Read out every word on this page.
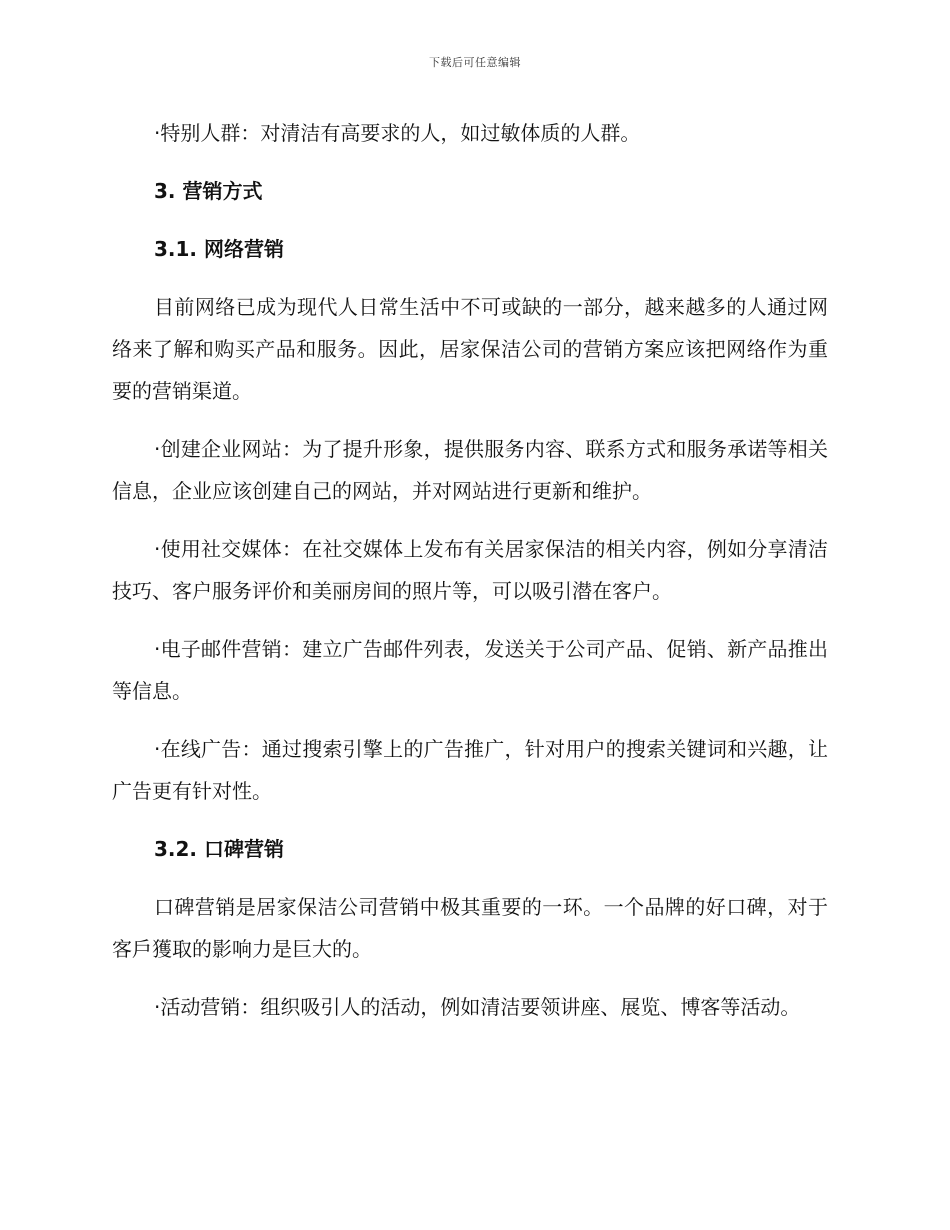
下载后可任意编辑

·特别人群：对清洁有高要求的人，如过敏体质的人群。

3. 营销方式

3.1. 网络营销

目前网络已成为现代人日常生活中不可或缺的一部分，越来越多的人通过网络来了解和购买产品和服务。因此，居家保洁公司的营销方案应该把网络作为重要的营销渠道。

·创建企业网站：为了提升形象，提供服务内容、联系方式和服务承诺等相关信息，企业应该创建自己的网站，并对网站进行更新和维护。

·使用社交媒体：在社交媒体上发布有关居家保洁的相关内容，例如分享清洁技巧、客户服务评价和美丽房间的照片等，可以吸引潜在客户。

·电子邮件营销：建立广告邮件列表，发送关于公司产品、促销、新产品推出等信息。

·在线广告：通过搜索引擎上的广告推广，针对用户的搜索关键词和兴趣，让广告更有针对性。

3.2. 口碑营销

口碑营销是居家保洁公司营销中极其重要的一环。一个品牌的好口碑，对于客戶獲取的影响力是巨大的。

·活动营销：组织吸引人的活动，例如清洁要领讲座、展览、博客等活动。
